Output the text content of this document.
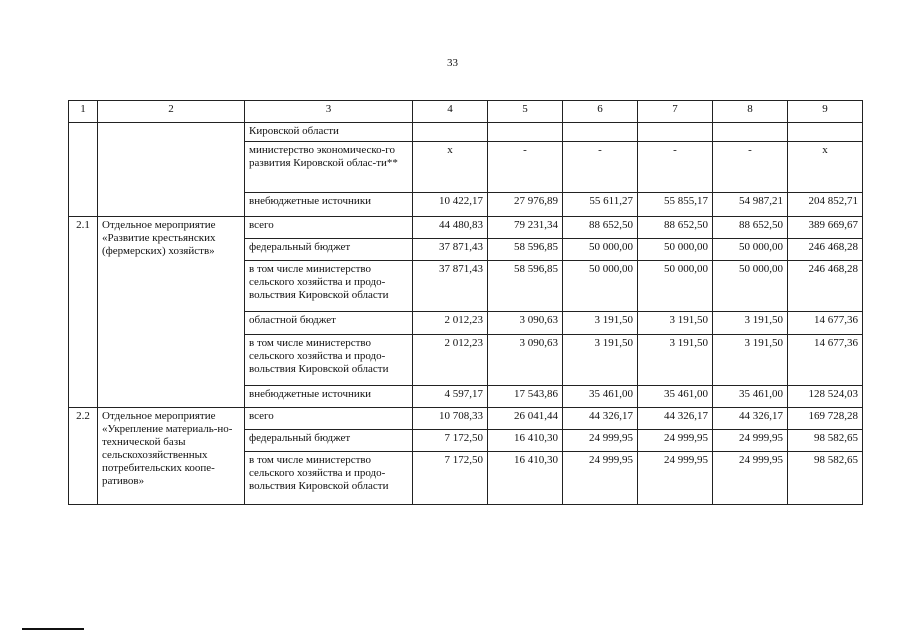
33
1	2	3	4	5	6	7	8	9
		Кировской области						
		министерство экономическо-го развития Кировской облас-ти**	х	-	-	-	-	х
		внебюджетные источники	10 422,17	27 976,89	55 611,27	55 855,17	54 987,21	204 852,71
2.1	Отдельное мероприятие «Развитие крестьянских (фермерских) хозяйств»	всего	44 480,83	79 231,34	88 652,50	88 652,50	88 652,50	389 669,67
		федеральный бюджет	37 871,43	58 596,85	50 000,00	50 000,00	50 000,00	246 468,28
		в том числе министерство сельского хозяйства и продо-вольствия Кировской области	37 871,43	58 596,85	50 000,00	50 000,00	50 000,00	246 468,28
		областной бюджет	2 012,23	3 090,63	3 191,50	3 191,50	3 191,50	14 677,36
		в том числе министерство сельского хозяйства и продо-вольствия Кировской области	2 012,23	3 090,63	3 191,50	3 191,50	3 191,50	14 677,36
		внебюджетные источники	4 597,17	17 543,86	35 461,00	35 461,00	35 461,00	128 524,03
2.2	Отдельное мероприятие «Укрепление материаль-но-технической базы сельскохозяйственных потребительских коопе-ративов»	всего	10 708,33	26 041,44	44 326,17	44 326,17	44 326,17	169 728,28
		федеральный бюджет	7 172,50	16 410,30	24 999,95	24 999,95	24 999,95	98 582,65
		в том числе министерство сельского хозяйства и продо-вольствия Кировской области	7 172,50	16 410,30	24 999,95	24 999,95	24 999,95	98 582,65
